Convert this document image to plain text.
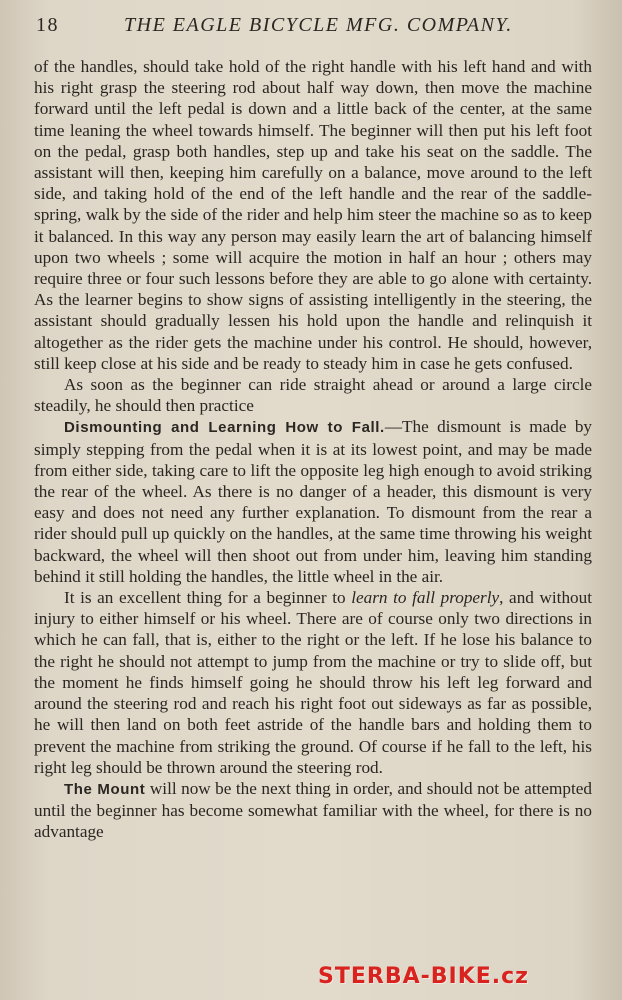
18	THE EAGLE BICYCLE MFG. COMPANY.

of the handles, should take hold of the right handle with his left hand and with his right grasp the steering rod about half way down, then move the machine forward until the left pedal is down and a little back of the center, at the same time leaning the wheel towards himself. The beginner will then put his left foot on the pedal, grasp both handles, step up and take his seat on the saddle. The assistant will then, keeping him carefully on a balance, move around to the left side, and taking hold of the end of the left handle and the rear of the saddle-spring, walk by the side of the rider and help him steer the machine so as to keep it balanced. In this way any person may easily learn the art of balancing himself upon two wheels ; some will acquire the motion in half an hour ; others may require three or four such lessons before they are able to go alone with certainty. As the learner begins to show signs of assisting intelligently in the steering, the assistant should gradually lessen his hold upon the handle and relinquish it altogether as the rider gets the machine under his control. He should, however, still keep close at his side and be ready to steady him in case he gets confused.

As soon as the beginner can ride straight ahead or around a large circle steadily, he should then practice

Dismounting and Learning How to Fall.—The dismount is made by simply stepping from the pedal when it is at its lowest point, and may be made from either side, taking care to lift the opposite leg high enough to avoid striking the rear of the wheel. As there is no danger of a header, this dismount is very easy and does not need any further explanation. To dismount from the rear a rider should pull up quickly on the handles, at the same time throwing his weight backward, the wheel will then shoot out from under him, leaving him standing behind it still holding the handles, the little wheel in the air.

It is an excellent thing for a beginner to learn to fall properly, and without injury to either himself or his wheel. There are of course only two directions in which he can fall, that is, either to the right or the left. If he lose his balance to the right he should not attempt to jump from the machine or try to slide off, but the moment he finds himself going he should throw his left leg forward and around the steering rod and reach his right foot out sideways as far as possible, he will then land on both feet astride of the handle bars and holding them to prevent the machine from striking the ground. Of course if he fall to the left, his right leg should be thrown around the steering rod.

The Mount will now be the next thing in order, and should not be attempted until the beginner has become somewhat familiar with the wheel, for there is no advantage

STERBA-BIKE.cz
